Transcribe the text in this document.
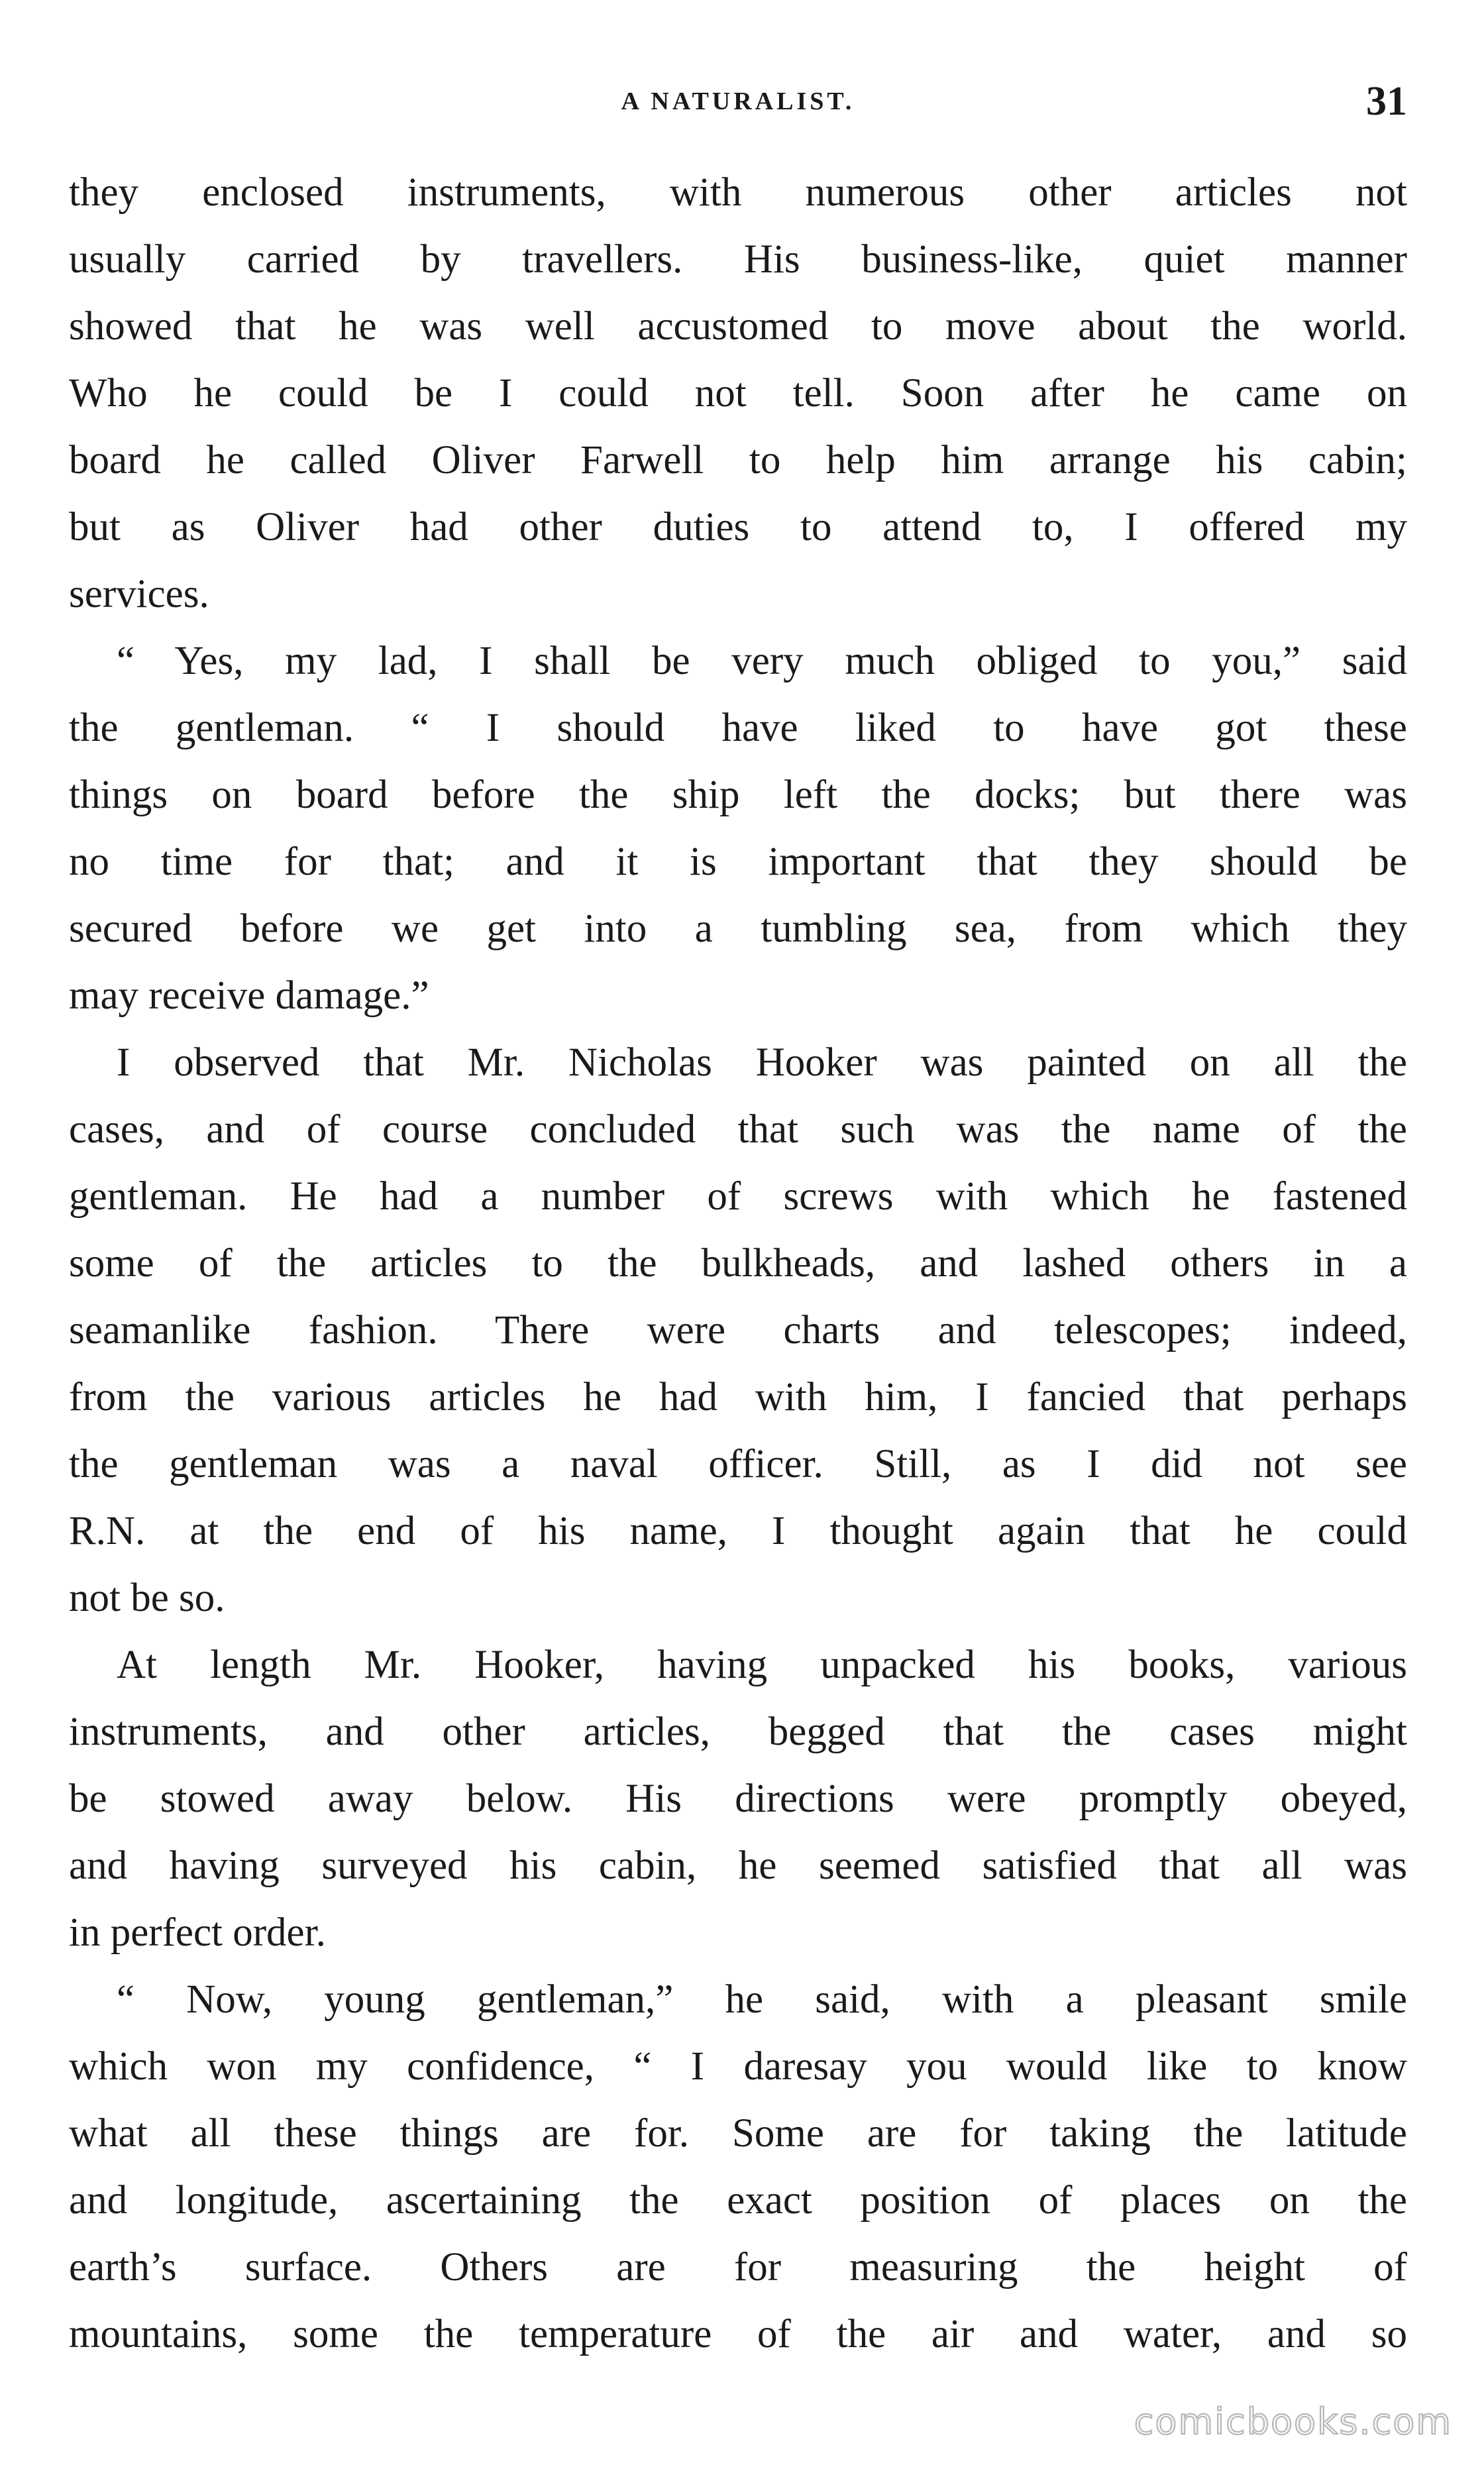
A NATURALIST.	31
they enclosed instruments, with numerous other articles not
usually carried by travellers. His business-like, quiet manner
showed that he was well accustomed to move about the world.
Who he could be I could not tell. Soon after he came on
board he called Oliver Farwell to help him arrange his cabin;
but as Oliver had other duties to attend to, I offered my
services.
“ Yes, my lad, I shall be very much obliged to you,” said
the gentleman. “ I should have liked to have got these
things on board before the ship left the docks; but there was
no time for that; and it is important that they should be
secured before we get into a tumbling sea, from which they
may receive damage.”
I observed that Mr. Nicholas Hooker was painted on all the
cases, and of course concluded that such was the name of the
gentleman. He had a number of screws with which he fastened
some of the articles to the bulkheads, and lashed others in a
seamanlike fashion. There were charts and telescopes; indeed,
from the various articles he had with him, I fancied that perhaps
the gentleman was a naval officer. Still, as I did not see
R.N. at the end of his name, I thought again that he could
not be so.
At length Mr. Hooker, having unpacked his books, various
instruments, and other articles, begged that the cases might
be stowed away below. His directions were promptly obeyed,
and having surveyed his cabin, he seemed satisfied that all was
in perfect order.
“ Now, young gentleman,” he said, with a pleasant smile
which won my confidence, “ I daresay you would like to know
what all these things are for. Some are for taking the latitude
and longitude, ascertaining the exact position of places on the
earth’s surface. Others are for measuring the height of
mountains, some the temperature of the air and water, and so
comicbooks.com
